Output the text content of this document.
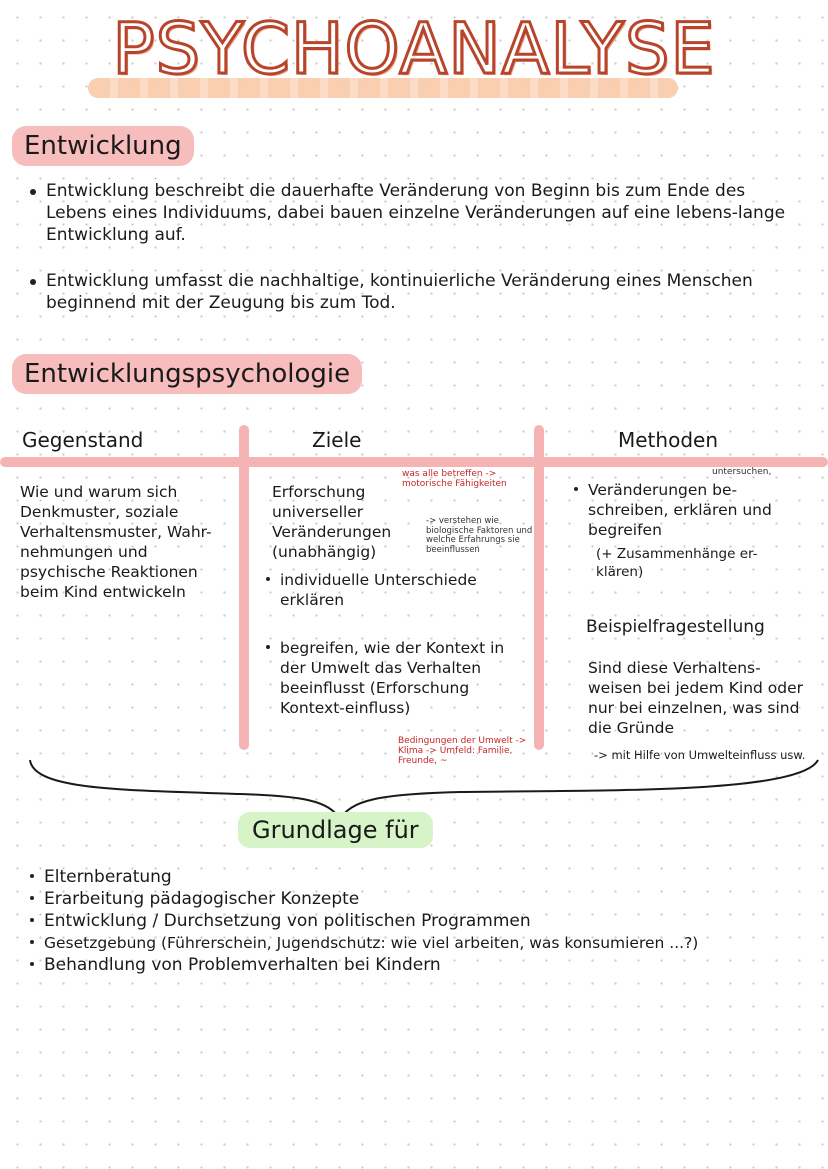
PSYCHOANALYSE
Entwicklung
Entwicklung beschreibt die dauerhafte Veränderung von Beginn bis zum Ende des Lebens eines Individuums, dabei bauen einzelne Veränderungen auf eine lebens-lange Entwicklung auf.
Entwicklung umfasst die nachhaltige, kontinuierliche Veränderung eines Menschen beginnend mit der Zeugung bis zum Tod.
Entwicklungspsychologie
Gegenstand	Ziele	Methoden
Wie und warum sich Denkmuster, soziale Verhaltensmuster, Wahr-nehmungen und psychische Reaktionen beim Kind entwickeln
was alle betreffen -> motorische Fähigkeiten
Erforschung universeller Veränderungen (unabhängig)
-> verstehen wie biologische Faktoren und welche Erfahrungs sie beeinflussen
individuelle Unterschiede erklären
begreifen, wie der Kontext in der Umwelt das Verhalten beeinflusst (Erforschung Kontext-einfluss)
Bedingungen der Umwelt -> Klima -> Umfeld: Familie, Freunde, ~
untersuchen,
Veränderungen be-schreiben, erklären und begreifen
(+ Zusammenhänge er-klären)
Beispielfragestellung
Sind diese Verhaltens-weisen bei jedem Kind oder nur bei einzelnen, was sind die Gründe
-> mit Hilfe von Umwelteinfluss usw.
Grundlage für
Elternberatung
Erarbeitung pädagogischer Konzepte
Entwicklung / Durchsetzung von politischen Programmen
Gesetzgebung (Führerschein, Jugendschutz: wie viel arbeiten, was konsumieren ...?)
Behandlung von Problemverhalten bei Kindern
